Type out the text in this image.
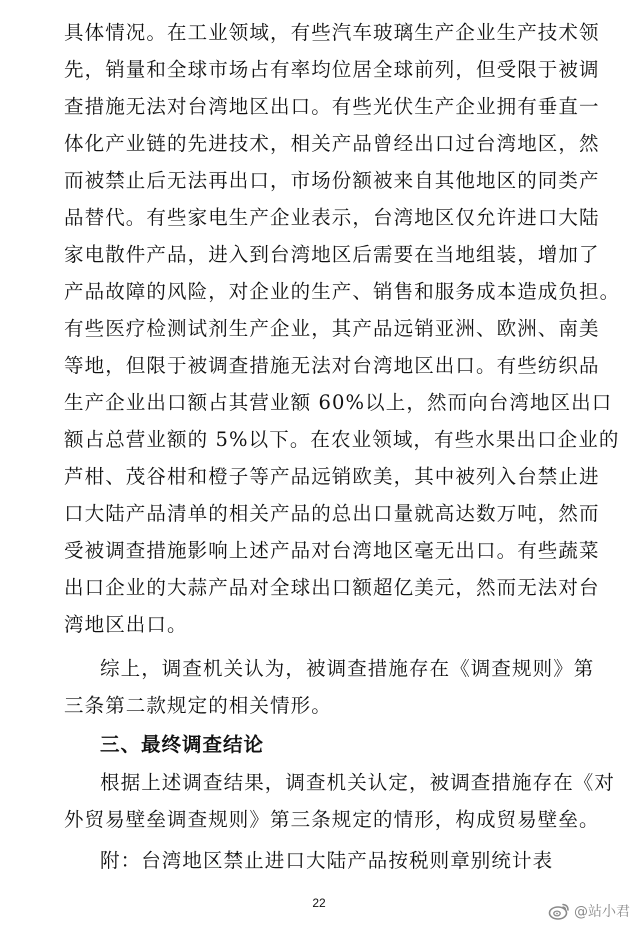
具体情况。在工业领域，有些汽车玻璃生产企业生产技术领
先，销量和全球市场占有率均位居全球前列，但受限于被调
查措施无法对台湾地区出口。有些光伏生产企业拥有垂直一
体化产业链的先进技术，相关产品曾经出口过台湾地区，然
而被禁止后无法再出口，市场份额被来自其他地区的同类产
品替代。有些家电生产企业表示，台湾地区仅允许进口大陆
家电散件产品，进入到台湾地区后需要在当地组装，增加了
产品故障的风险，对企业的生产、销售和服务成本造成负担。
有些医疗检测试剂生产企业，其产品远销亚洲、欧洲、南美
等地，但限于被调查措施无法对台湾地区出口。有些纺织品
生产企业出口额占其营业额 60%以上，然而向台湾地区出口
额占总营业额的 5%以下。在农业领域，有些水果出口企业的
芦柑、茂谷柑和橙子等产品远销欧美，其中被列入台禁止进
口大陆产品清单的相关产品的总出口量就高达数万吨，然而
受被调查措施影响上述产品对台湾地区毫无出口。有些蔬菜
出口企业的大蒜产品对全球出口额超亿美元，然而无法对台
湾地区出口。
综上，调查机关认为，被调查措施存在《调查规则》第
三条第二款规定的相关情形。
三、最终调查结论
根据上述调查结果，调查机关认定，被调查措施存在《对
外贸易壁垒调查规则》第三条规定的情形，构成贸易壁垒。
附：台湾地区禁止进口大陆产品按税则章别统计表
22
@站小君
